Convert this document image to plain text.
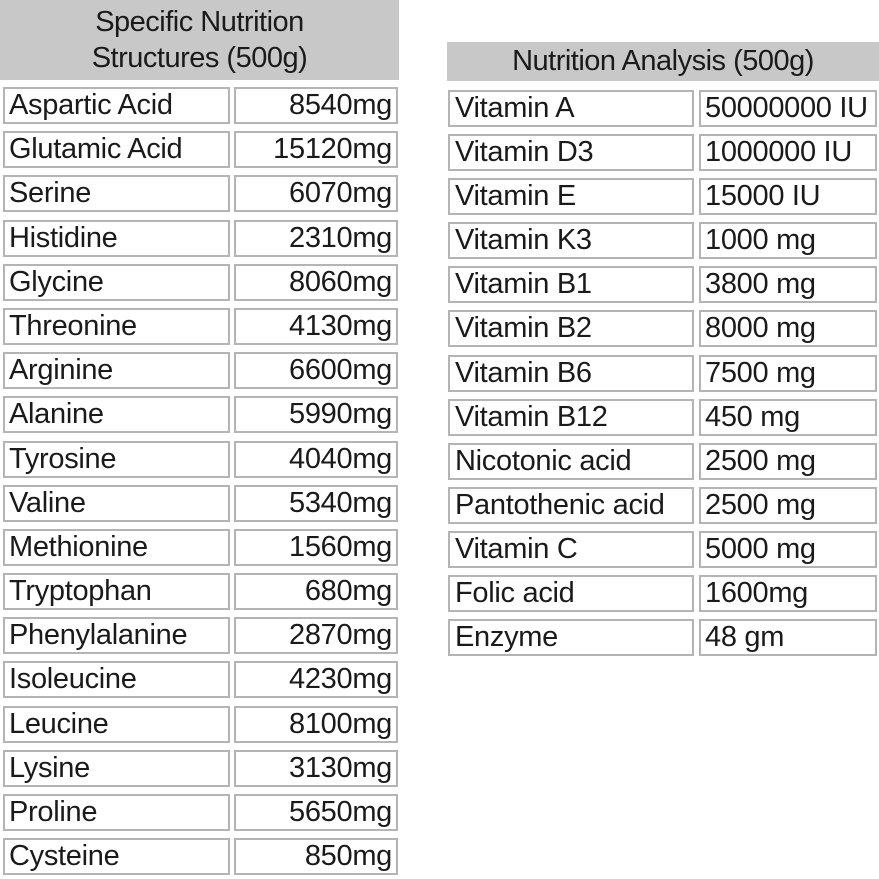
Specific Nutrition
Structures (500g)
Aspartic Acid	8540mg
Glutamic Acid	15120mg
Serine	6070mg
Histidine	2310mg
Glycine	8060mg
Threonine	4130mg
Arginine	6600mg
Alanine	5990mg
Tyrosine	4040mg
Valine	5340mg
Methionine	1560mg
Tryptophan	680mg
Phenylalanine	2870mg
Isoleucine	4230mg
Leucine	8100mg
Lysine	3130mg
Proline	5650mg
Cysteine	850mg
Nutrition Analysis (500g)
Vitamin A	50000000 IU
Vitamin D3	1000000 IU
Vitamin E	15000 IU
Vitamin K3	1000 mg
Vitamin B1	3800 mg
Vitamin B2	8000 mg
Vitamin B6	7500 mg
Vitamin B12	450 mg
Nicotonic acid	2500 mg
Pantothenic acid	2500 mg
Vitamin C	5000 mg
Folic acid	1600mg
Enzyme	48 gm
